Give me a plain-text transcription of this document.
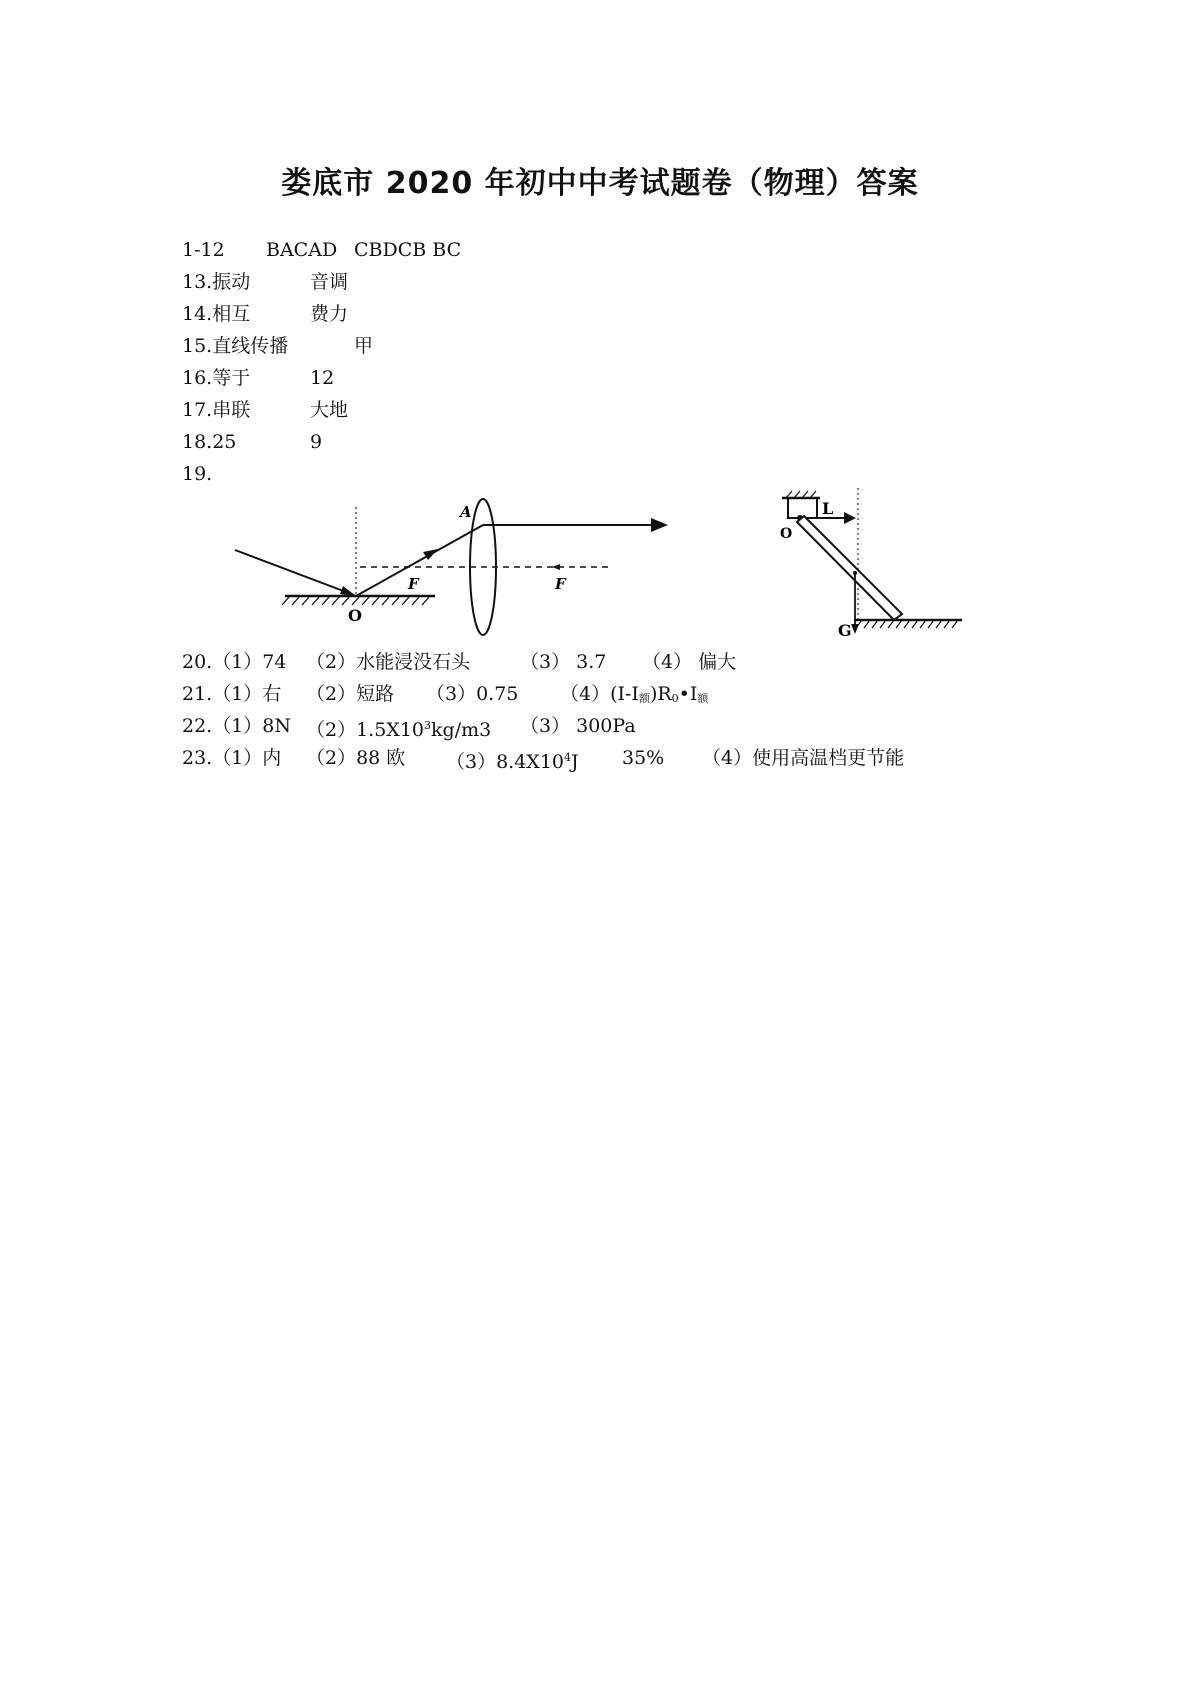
娄底市 2020 年初中中考试题卷（物理）答案
1-12 BACAD CBDCB BC
13.振动	音调
14.相互	费力
15.直线传播	甲
16.等于	12
17.串联	大地
18.25	9
19.
A
F	F
O
L
O
G
20.（1）74 （2）水能浸没石头	（3） 3.7 （4） 偏大
21.（1）右 （2）短路 （3）0.75 $(4)(I-I_额)R_0•I_额$
22.（1）8N $(2)1.5X10^3kg/m3$ （3） 300Pa
23.（1）内 （2）88 欧 $(3)8.4X10^4J$ 35% （4）使用高温档更节能
